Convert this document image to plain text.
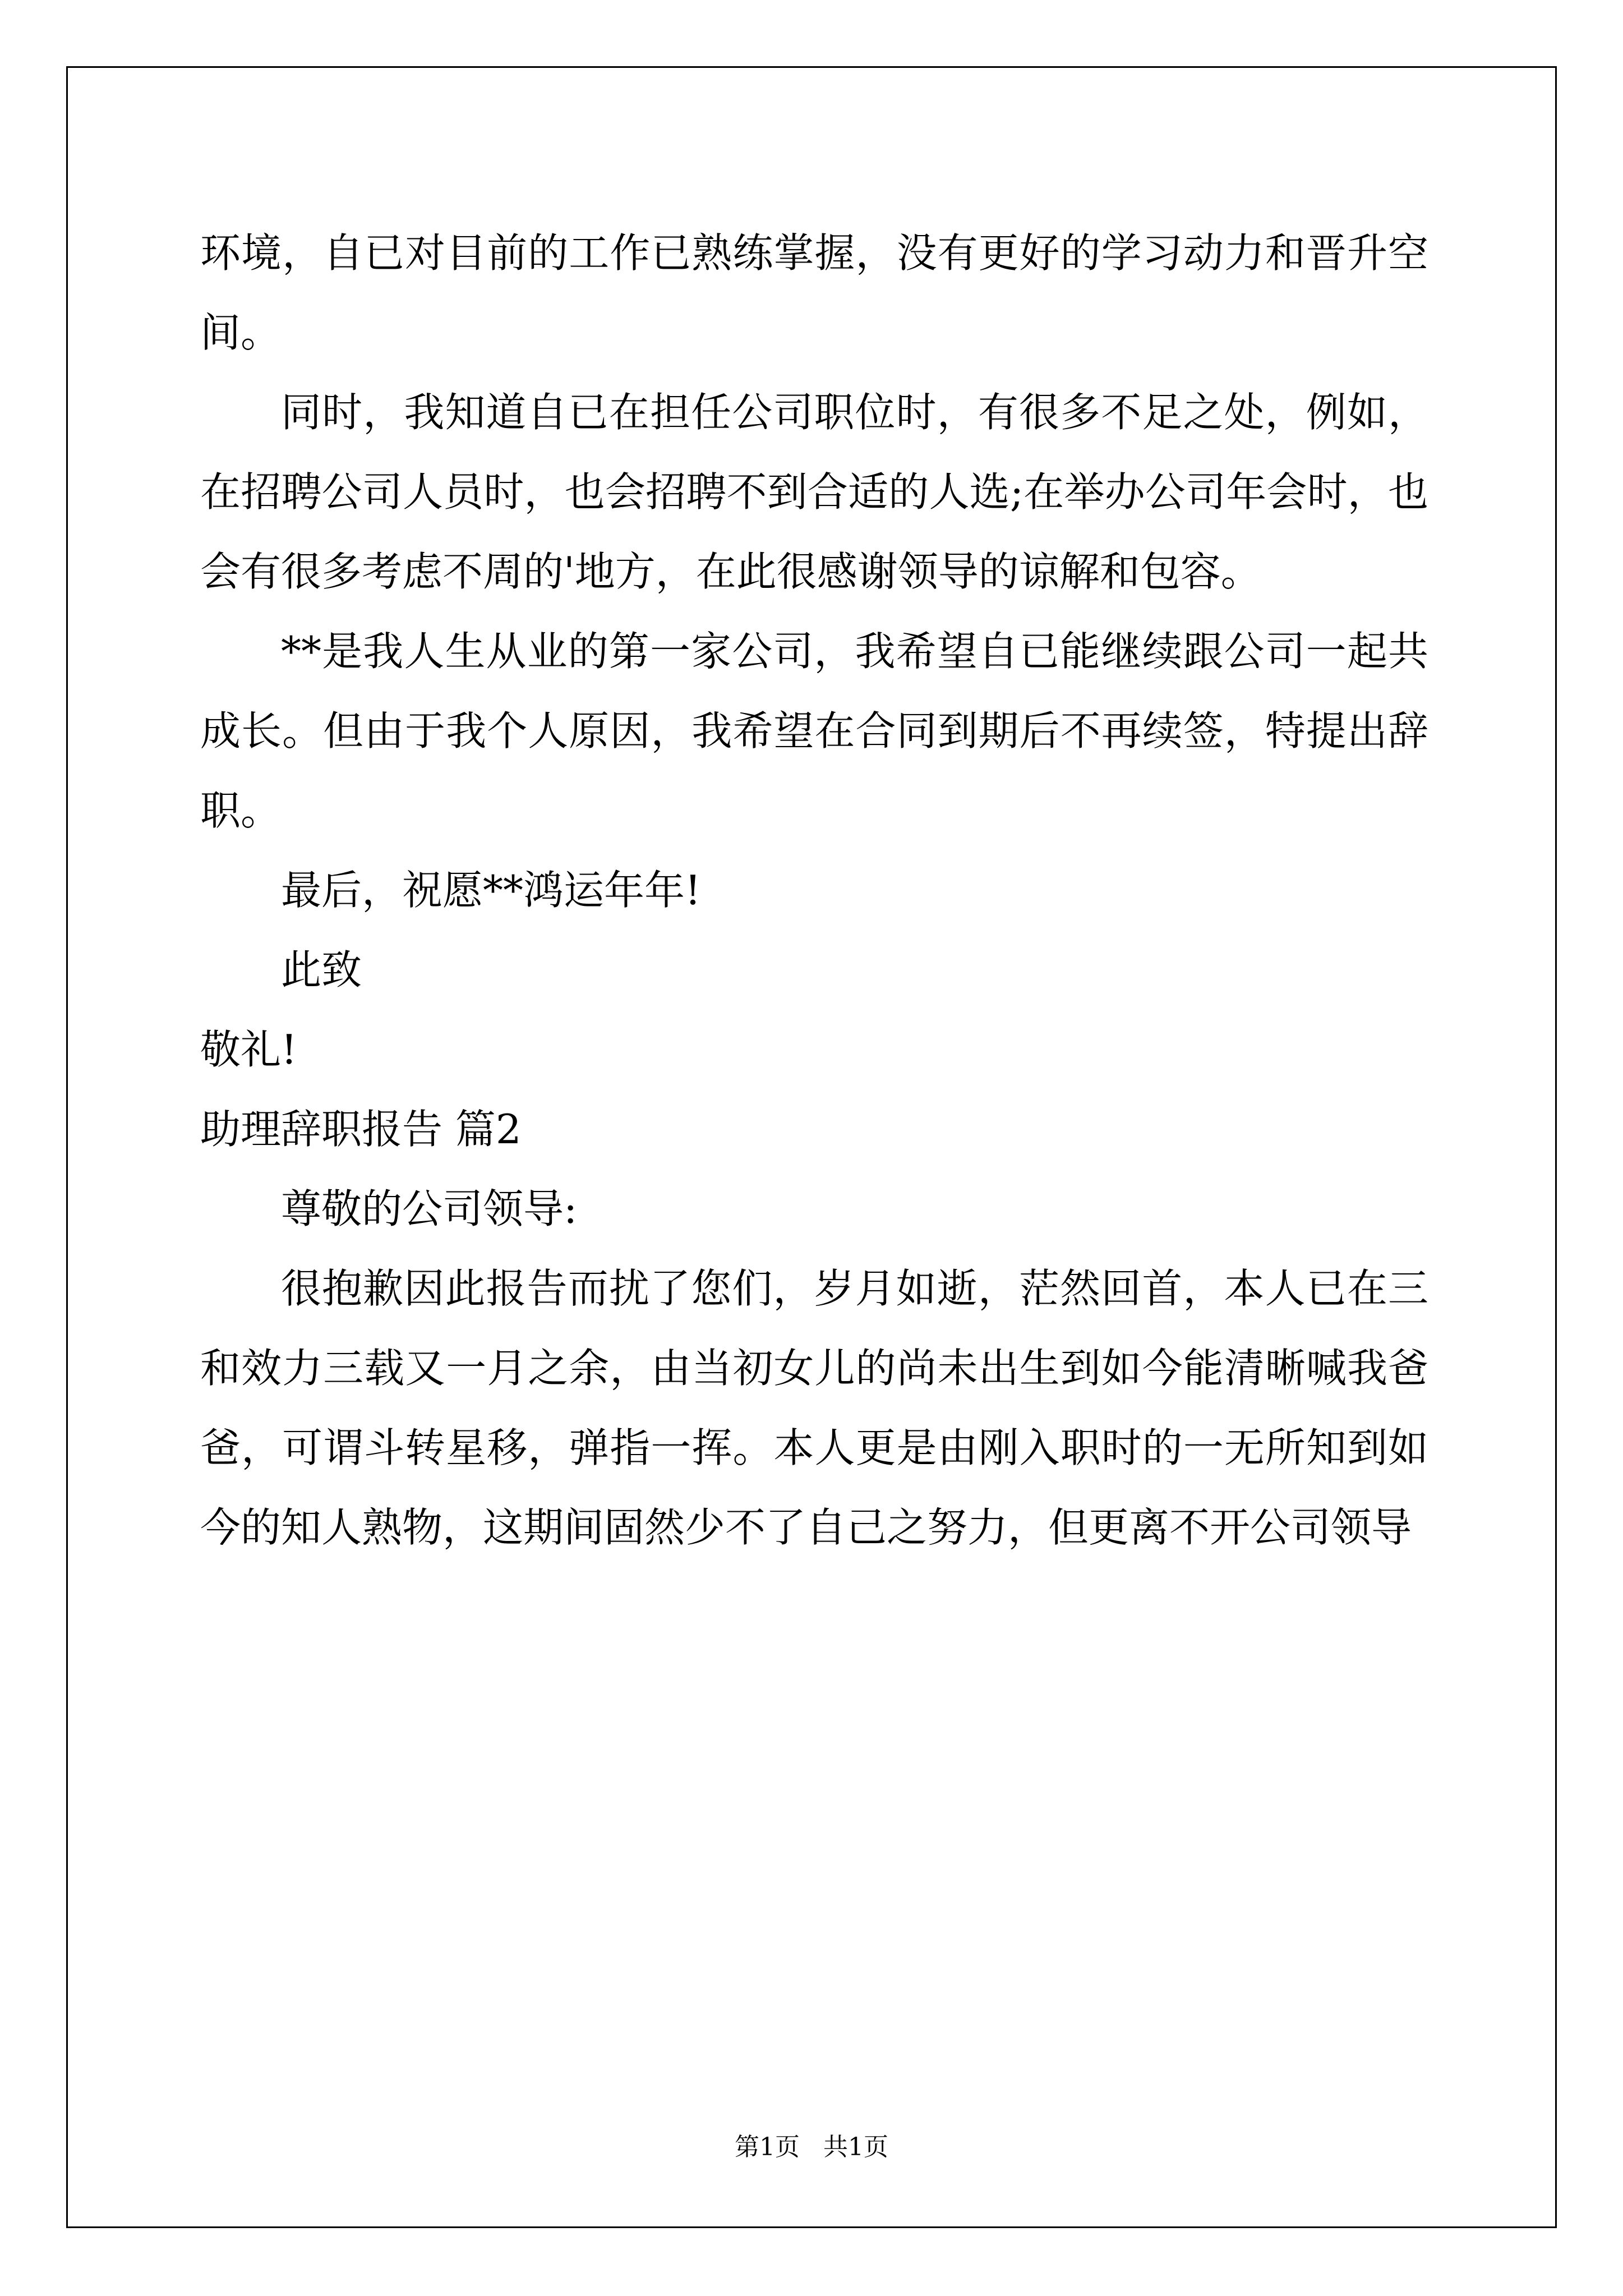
环境，自已对目前的工作已熟练掌握，没有更好的学习动力和晋升空间。

同时，我知道自已在担任公司职位时，有很多不足之处，例如，在招聘公司人员时，也会招聘不到合适的人选;在举办公司年会时，也会有很多考虑不周的'地方，在此很感谢领导的谅解和包容。

**是我人生从业的第一家公司，我希望自已能继续跟公司一起共成长。但由于我个人原因，我希望在合同到期后不再续签，特提出辞职。

最后，祝愿**鸿运年年!

此致

敬礼!

助理辞职报告 篇2

尊敬的公司领导:

很抱歉因此报告而扰了您们，岁月如逝，茫然回首，本人已在三和效力三载又一月之余，由当初女儿的尚未出生到如今能清晰喊我爸爸，可谓斗转星移，弹指一挥。本人更是由刚入职时的一无所知到如今的知人熟物，这期间固然少不了自己之努力，但更离不开公司领导

第1页   共1页
